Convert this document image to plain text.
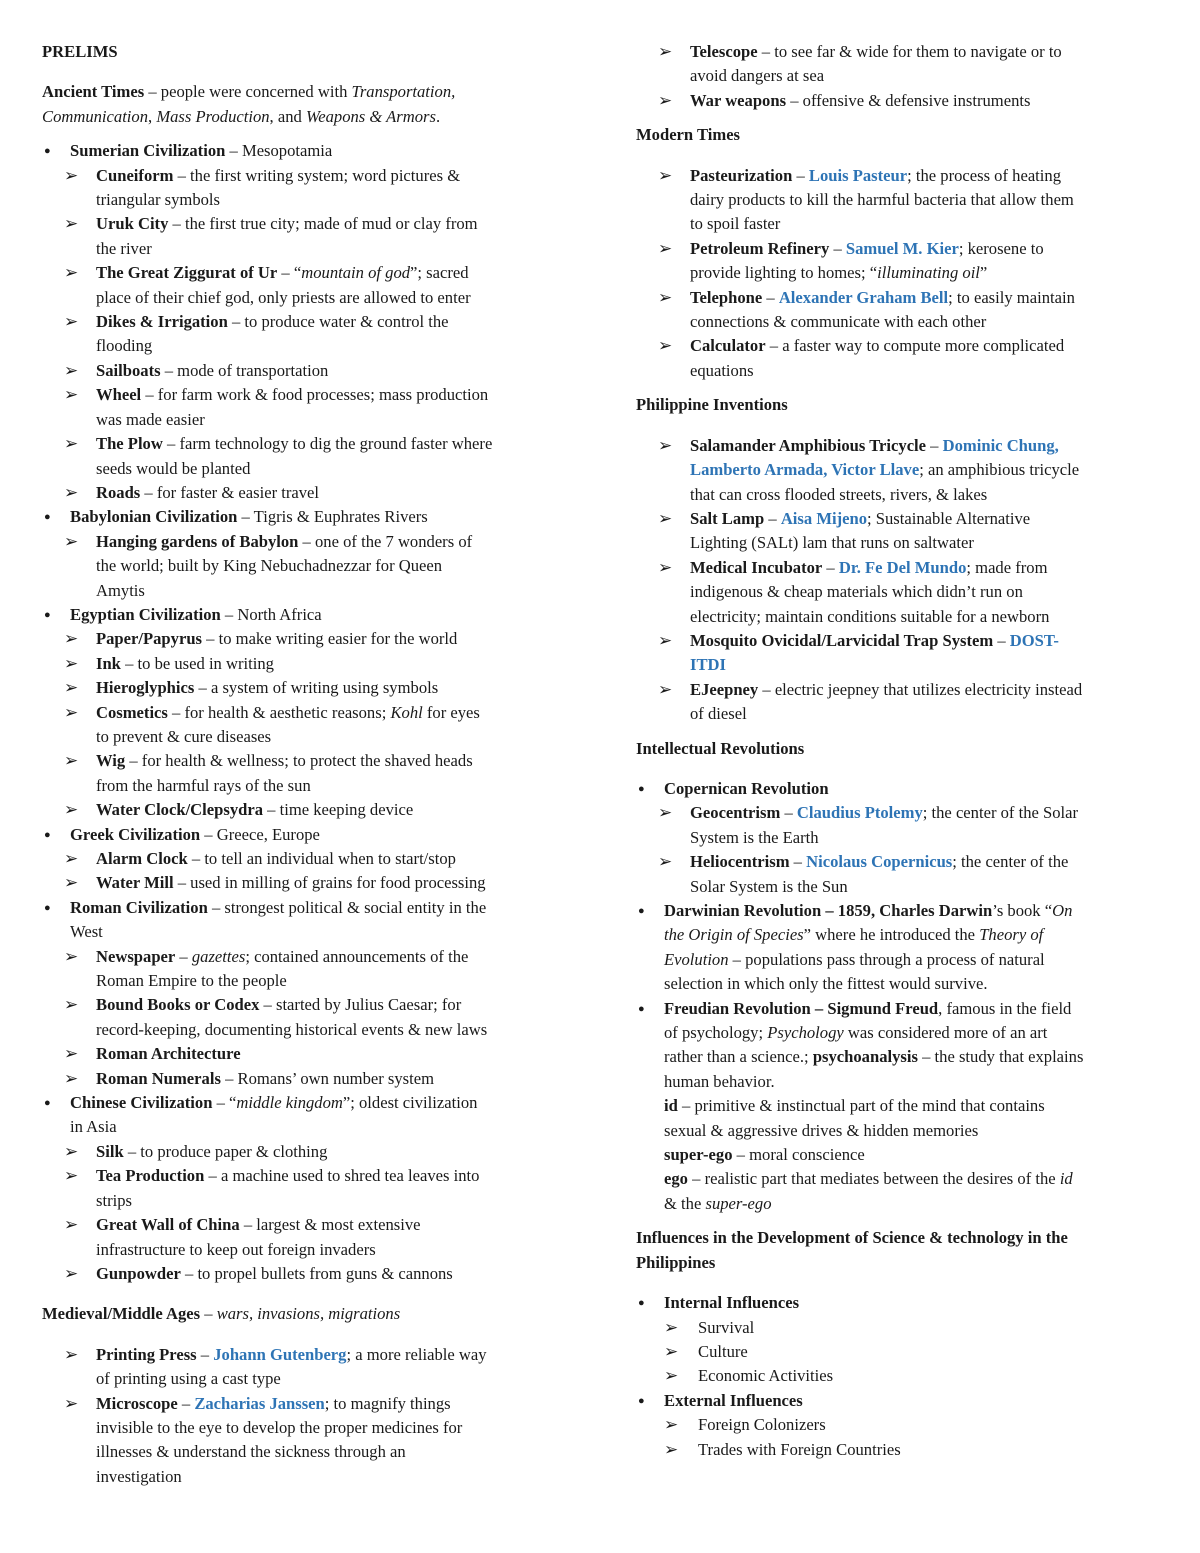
PRELIMS
Ancient Times – people were concerned with Transportation,
Communication, Mass Production, and Weapons & Armors.
● Sumerian Civilization – Mesopotamia
➢ Cuneiform – the first writing system; word pictures &
triangular symbols
➢ Uruk City – the first true city; made of mud or clay from
the river
➢ The Great Ziggurat of Ur – “mountain of god”; sacred
place of their chief god, only priests are allowed to enter
➢ Dikes & Irrigation – to produce water & control the
flooding
➢ Sailboats – mode of transportation
➢ Wheel – for farm work & food processes; mass production
was made easier
➢ The Plow – farm technology to dig the ground faster where
seeds would be planted
➢ Roads – for faster & easier travel
● Babylonian Civilization – Tigris & Euphrates Rivers
➢ Hanging gardens of Babylon – one of the 7 wonders of
the world; built by King Nebuchadnezzar for Queen
Amytis
● Egyptian Civilization – North Africa
➢ Paper/Papyrus – to make writing easier for the world
➢ Ink – to be used in writing
➢ Hieroglyphics – a system of writing using symbols
➢ Cosmetics – for health & aesthetic reasons; Kohl for eyes
to prevent & cure diseases
➢ Wig – for health & wellness; to protect the shaved heads
from the harmful rays of the sun
➢ Water Clock/Clepsydra – time keeping device
● Greek Civilization – Greece, Europe
➢ Alarm Clock – to tell an individual when to start/stop
➢ Water Mill – used in milling of grains for food processing
● Roman Civilization – strongest political & social entity in the
West
➢ Newspaper – gazettes; contained announcements of the
Roman Empire to the people
➢ Bound Books or Codex – started by Julius Caesar; for
record-keeping, documenting historical events & new laws
➢ Roman Architecture
➢ Roman Numerals – Romans’ own number system
● Chinese Civilization – “middle kingdom”; oldest civilization
in Asia
➢ Silk – to produce paper & clothing
➢ Tea Production – a machine used to shred tea leaves into
strips
➢ Great Wall of China – largest & most extensive
infrastructure to keep out foreign invaders
➢ Gunpowder – to propel bullets from guns & cannons
Medieval/Middle Ages – wars, invasions, migrations
➢ Printing Press – Johann Gutenberg; a more reliable way
of printing using a cast type
➢ Microscope – Zacharias Janssen; to magnify things
invisible to the eye to develop the proper medicines for
illnesses & understand the sickness through an
investigation
➢ Telescope – to see far & wide for them to navigate or to
avoid dangers at sea
➢ War weapons – offensive & defensive instruments
Modern Times
➢ Pasteurization – Louis Pasteur; the process of heating
dairy products to kill the harmful bacteria that allow them
to spoil faster
➢ Petroleum Refinery – Samuel M. Kier; kerosene to
provide lighting to homes; “illuminating oil”
➢ Telephone – Alexander Graham Bell; to easily maintain
connections & communicate with each other
➢ Calculator – a faster way to compute more complicated
equations
Philippine Inventions
➢ Salamander Amphibious Tricycle – Dominic Chung,
Lamberto Armada, Victor Llave; an amphibious tricycle
that can cross flooded streets, rivers, & lakes
➢ Salt Lamp – Aisa Mijeno; Sustainable Alternative
Lighting (SALt) lam that runs on saltwater
➢ Medical Incubator – Dr. Fe Del Mundo; made from
indigenous & cheap materials which didn’t run on
electricity; maintain conditions suitable for a newborn
➢ Mosquito Ovicidal/Larvicidal Trap System – DOST-
ITDI
➢ EJeepney – electric jeepney that utilizes electricity instead
of diesel
Intellectual Revolutions
● Copernican Revolution
➢ Geocentrism – Claudius Ptolemy; the center of the Solar
System is the Earth
➢ Heliocentrism – Nicolaus Copernicus; the center of the
Solar System is the Sun
● Darwinian Revolution – 1859, Charles Darwin’s book “On
the Origin of Species” where he introduced the Theory of
Evolution – populations pass through a process of natural
selection in which only the fittest would survive.
● Freudian Revolution – Sigmund Freud, famous in the field
of psychology; Psychology was considered more of an art
rather than a science.; psychoanalysis – the study that explains
human behavior.
id – primitive & instinctual part of the mind that contains
sexual & aggressive drives & hidden memories
super-ego – moral conscience
ego – realistic part that mediates between the desires of the id
& the super-ego
Influences in the Development of Science & technology in the
Philippines
● Internal Influences
➢ Survival
➢ Culture
➢ Economic Activities
● External Influences
➢ Foreign Colonizers
➢ Trades with Foreign Countries
